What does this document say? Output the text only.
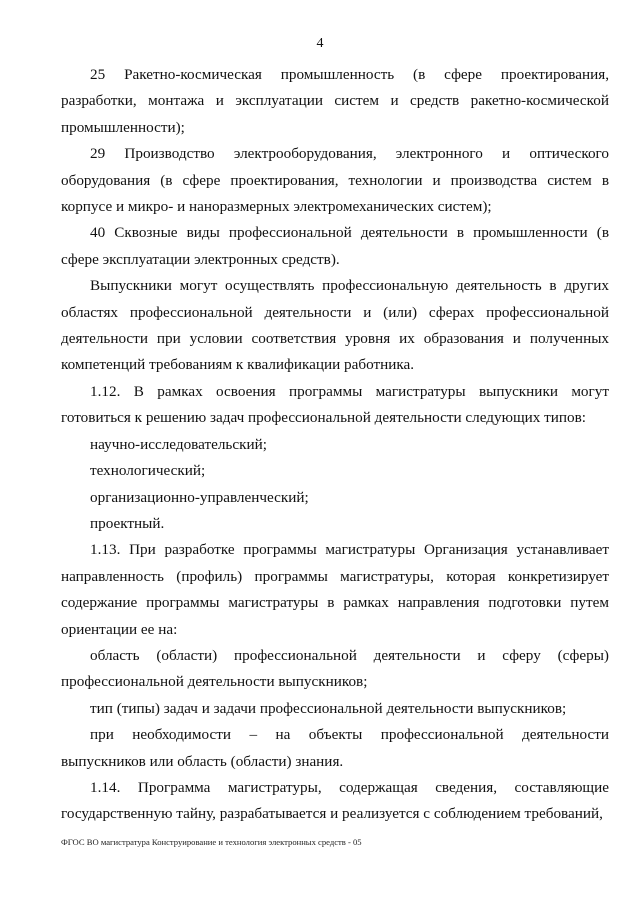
4

25 Ракетно-космическая промышленность (в сфере проектирования, разработки, монтажа и эксплуатации систем и средств ракетно-космической промышленности);

29 Производство электрооборудования, электронного и оптического оборудования (в сфере проектирования, технологии и производства систем в корпусе и микро- и наноразмерных электромеханических систем);

40 Сквозные виды профессиональной деятельности в промышленности (в сфере эксплуатации электронных средств).

Выпускники могут осуществлять профессиональную деятельность в других областях профессиональной деятельности и (или) сферах профессиональной деятельности при условии соответствия уровня их образования и полученных компетенций требованиям к квалификации работника.

1.12. В рамках освоения программы магистратуры выпускники могут готовиться к решению задач профессиональной деятельности следующих типов:

научно-исследовательский;

технологический;

организационно-управленческий;

проектный.

1.13. При разработке программы магистратуры Организация устанавливает направленность (профиль) программы магистратуры, которая конкретизирует содержание программы магистратуры в рамках направления подготовки путем ориентации ее на:

область (области) профессиональной деятельности и сферу (сферы) профессиональной деятельности выпускников;

тип (типы) задач и задачи профессиональной деятельности выпускников;

при необходимости – на объекты профессиональной деятельности выпускников или область (области) знания.

1.14. Программа магистратуры, содержащая сведения, составляющие государственную тайну, разрабатывается и реализуется с соблюдением требований,

ФГОС ВО магистратура Конструирование и технология электронных средств - 05
